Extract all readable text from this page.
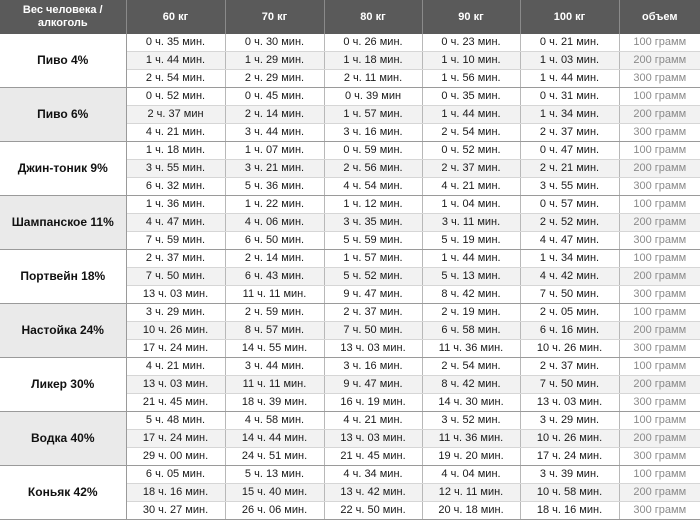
Вес человека / алкоголь	60 кг	70 кг	80 кг	90 кг	100 кг	объем
Пиво 4%	0 ч. 35 мин.	0 ч. 30 мин.	0 ч. 26 мин.	0 ч. 23 мин.	0 ч. 21 мин.	100 грамм
	1 ч. 44 мин.	1 ч. 29 мин.	1 ч. 18 мин.	1 ч. 10 мин.	1 ч. 03 мин.	200 грамм
	2 ч. 54 мин.	2 ч. 29 мин.	2 ч. 11 мин.	1 ч. 56 мин.	1 ч. 44 мин.	300 грамм
Пиво 6%	0 ч. 52 мин.	0 ч. 45 мин.	0 ч. 39 мин	0 ч. 35 мин.	0 ч. 31 мин.	100 грамм
	2 ч. 37 мин	2 ч. 14 мин.	1 ч. 57 мин.	1 ч. 44 мин.	1 ч. 34 мин.	200 грамм
	4 ч. 21 мин.	3 ч. 44 мин.	3 ч. 16 мин.	2 ч. 54 мин.	2 ч. 37 мин.	300 грамм
Джин-тоник 9%	1 ч. 18 мин.	1 ч. 07 мин.	0 ч. 59 мин.	0 ч. 52 мин.	0 ч. 47 мин.	100 грамм
	3 ч. 55 мин.	3 ч. 21 мин.	2 ч. 56 мин.	2 ч. 37 мин.	2 ч. 21 мин.	200 грамм
	6 ч. 32 мин.	5 ч. 36 мин.	4 ч. 54 мин.	4 ч. 21 мин.	3 ч. 55 мин.	300 грамм
Шампанское 11%	1 ч. 36 мин.	1 ч. 22 мин.	1 ч. 12 мин.	1 ч. 04 мин.	0 ч. 57 мин.	100 грамм
	4 ч. 47 мин.	4 ч. 06 мин.	3 ч. 35 мин.	3 ч. 11 мин.	2 ч. 52 мин.	200 грамм
	7 ч. 59 мин.	6 ч. 50 мин.	5 ч. 59 мин.	5 ч. 19 мин.	4 ч. 47 мин.	300 грамм
Портвейн 18%	2 ч. 37 мин.	2 ч. 14 мин.	1 ч. 57 мин.	1 ч. 44 мин.	1 ч. 34 мин.	100 грамм
	7 ч. 50 мин.	6 ч. 43 мин.	5 ч. 52 мин.	5 ч. 13 мин.	4 ч. 42 мин.	200 грамм
	13 ч. 03 мин.	11 ч. 11 мин.	9 ч. 47 мин.	8 ч. 42 мин.	7 ч. 50 мин.	300 грамм
Настойка 24%	3 ч. 29 мин.	2 ч. 59 мин.	2 ч. 37 мин.	2 ч. 19 мин.	2 ч. 05 мин.	100 грамм
	10 ч. 26 мин.	8 ч. 57 мин.	7 ч. 50 мин.	6 ч. 58 мин.	6 ч. 16 мин.	200 грамм
	17 ч. 24 мин.	14 ч. 55 мин.	13 ч. 03 мин.	11 ч. 36 мин.	10 ч. 26 мин.	300 грамм
Ликер 30%	4 ч. 21 мин.	3 ч. 44 мин.	3 ч. 16 мин.	2 ч. 54 мин.	2 ч. 37 мин.	100 грамм
	13 ч. 03 мин.	11 ч. 11 мин.	9 ч. 47 мин.	8 ч. 42 мин.	7 ч. 50 мин.	200 грамм
	21 ч. 45 мин.	18 ч. 39 мин.	16 ч. 19 мин.	14 ч. 30 мин.	13 ч. 03 мин.	300 грамм
Водка 40%	5 ч. 48 мин.	4 ч. 58 мин.	4 ч. 21 мин.	3 ч. 52 мин.	3 ч. 29 мин.	100 грамм
	17 ч. 24 мин.	14 ч. 44 мин.	13 ч. 03 мин.	11 ч. 36 мин.	10 ч. 26 мин.	200 грамм
	29 ч. 00 мин.	24 ч. 51 мин.	21 ч. 45 мин.	19 ч. 20 мин.	17 ч. 24 мин.	300 грамм
Коньяк 42%	6 ч. 05 мин.	5 ч. 13 мин.	4 ч. 34 мин.	4 ч. 04 мин.	3 ч. 39 мин.	100 грамм
	18 ч. 16 мин.	15 ч. 40 мин.	13 ч. 42 мин.	12 ч. 11 мин.	10 ч. 58 мин.	200 грамм
	30 ч. 27 мин.	26 ч. 06 мин.	22 ч. 50 мин.	20 ч. 18 мин.	18 ч. 16 мин.	300 грамм
